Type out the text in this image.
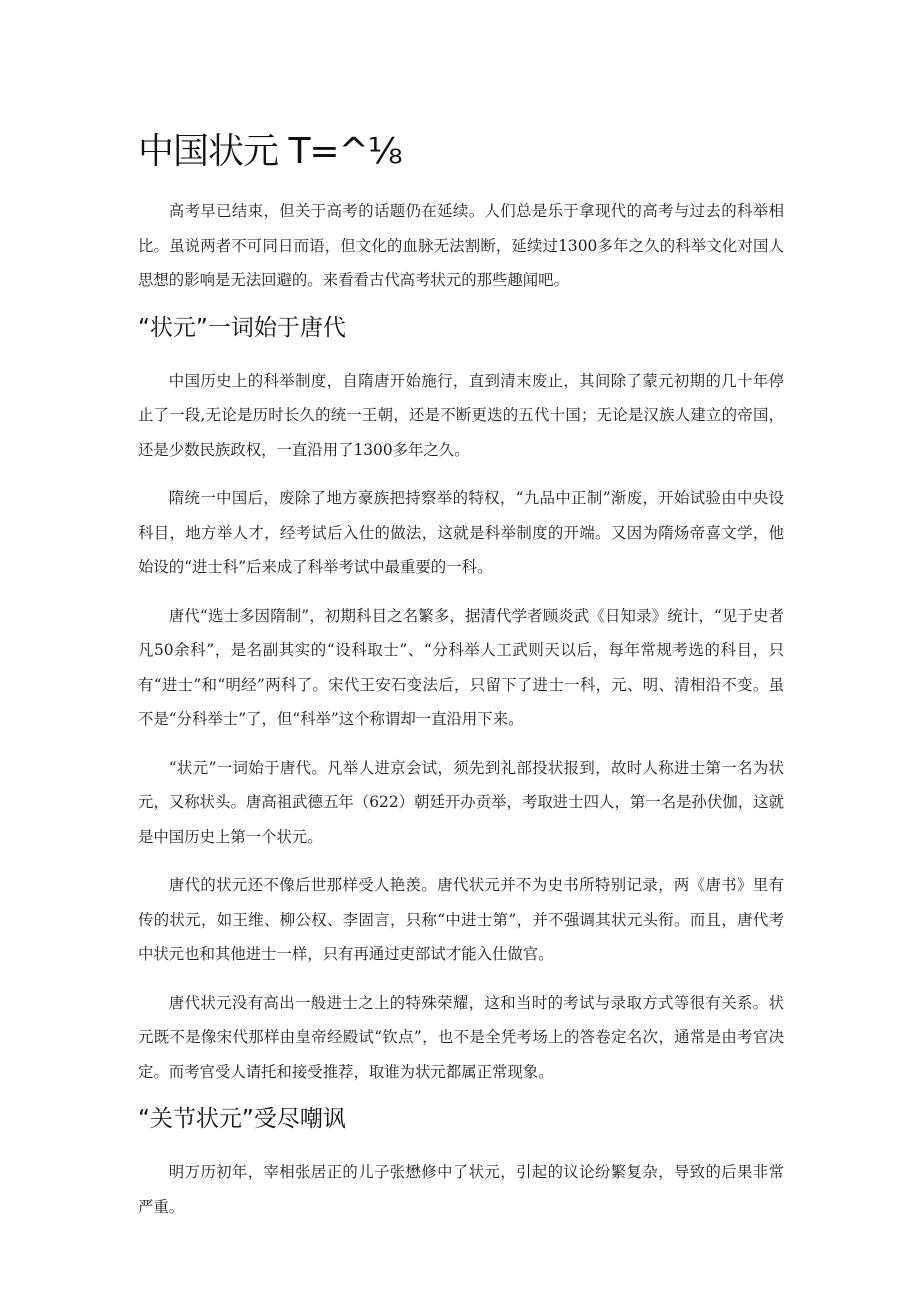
中国状元 T=^⅛

高考早已结束，但关于高考的话题仍在延续。人们总是乐于拿现代的高考与过去的科举相比。虽说两者不可同日而语，但文化的血脉无法割断，延续过1300多年之久的科举文化对国人思想的影响是无法回避的。来看看古代高考状元的那些趣闻吧。

“状元”一词始于唐代

中国历史上的科举制度，自隋唐开始施行，直到清末废止，其间除了蒙元初期的几十年停止了一段,无论是历时长久的统一王朝，还是不断更迭的五代十国；无论是汉族人建立的帝国，还是少数民族政权，一直沿用了1300多年之久。

隋统一中国后，废除了地方豪族把持察举的特权，“九品中正制”渐废，开始试验由中央设科目，地方举人才，经考试后入仕的做法，这就是科举制度的开端。又因为隋炀帝喜文学，他始设的“进士科”后来成了科举考试中最重要的一科。

唐代“选士多因隋制”，初期科目之名繁多，据清代学者顾炎武《日知录》统计，“见于史者凡50余科”，是名副其实的“设科取士”、“分科举人工武则天以后，每年常规考选的科目，只有“进士”和“明经”两科了。宋代王安石变法后，只留下了进士一科，元、明、清相沿不变。虽不是“分科举士”了，但“科举”这个称谓却一直沿用下来。

“状元”一词始于唐代。凡举人进京会试，须先到礼部投状报到，故时人称进士第一名为状元，又称状头。唐高祖武德五年（622）朝廷开办贡举，考取进士四人，第一名是孙伏伽，这就是中国历史上第一个状元。

唐代的状元还不像后世那样受人艳羡。唐代状元并不为史书所特别记录，两《唐书》里有传的状元，如王维、柳公权、李固言，只称“中进士第”，并不强调其状元头衔。而且，唐代考中状元也和其他进士一样，只有再通过吏部试才能入仕做官。

唐代状元没有高出一般进士之上的特殊荣耀，这和当时的考试与录取方式等很有关系。状元既不是像宋代那样由皇帝经殿试“钦点”，也不是全凭考场上的答卷定名次，通常是由考官决定。而考官受人请托和接受推荐，取谁为状元都属正常现象。

“关节状元”受尽嘲讽

明万历初年，宰相张居正的儿子张懋修中了状元，引起的议论纷繁复杂，导致的后果非常严重。
